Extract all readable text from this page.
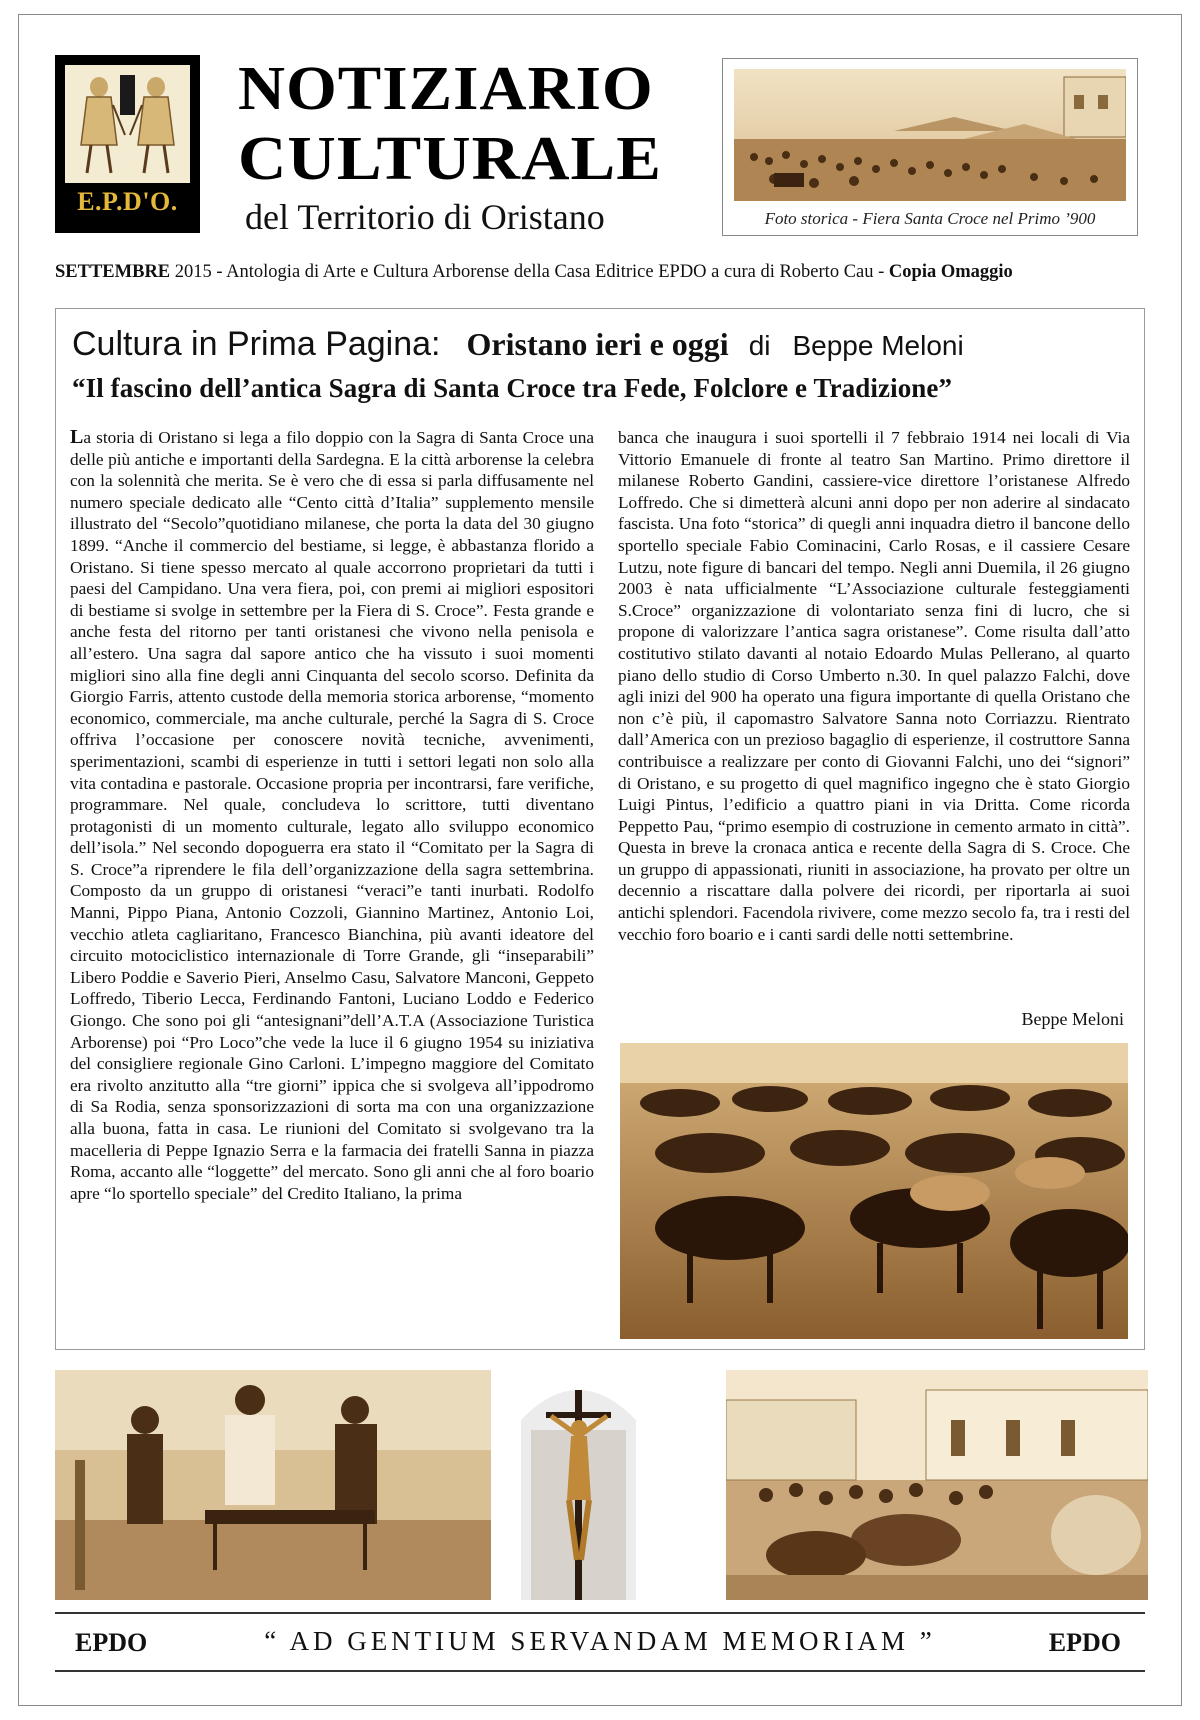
E.P.D'O.
NOTIZIARIO
CULTURALE
del Territorio di Oristano	Foto storica - Fiera Santa Croce nel Primo ’900
SETTEMBRE 2015 - Antologia di Arte e Cultura Arborense della Casa Editrice EPDO a cura di Roberto Cau - Copia Omaggio
Cultura in Prima Pagina: Oristano ieri e oggi di Beppe Meloni
“Il fascino dell’antica Sagra di Santa Croce tra Fede, Folclore e Tradizione”
La storia di Oristano si lega a filo doppio con la Sagra di Santa Croce una delle più antiche e importanti della Sardegna. E la città arborense la celebra con la solennità che merita. Se è vero che di essa si parla diffusamente nel numero speciale dedicato alle “Cento città d’Italia” supplemento mensile illustrato del “Secolo”quotidiano milanese, che porta la data del 30 giugno 1899. “Anche il commercio del bestiame, si legge, è abbastanza florido a Oristano. Si tiene spesso mercato al quale accorrono proprietari da tutti i paesi del Campidano. Una vera fiera, poi, con premi ai migliori espositori di bestiame si svolge in settembre per la Fiera di S. Croce”. Festa grande e anche festa del ritorno per tanti oristanesi che vivono nella penisola e all’estero. Una sagra dal sapore antico che ha vissuto i suoi momenti migliori sino alla fine degli anni Cinquanta del secolo scorso. Definita da Giorgio Farris, attento custode della memoria storica arborense, “momento economico, commerciale, ma anche culturale, perché la Sagra di S. Croce offriva l’occasione per conoscere novità tecniche, avvenimenti, sperimentazioni, scambi di esperienze in tutti i settori legati non solo alla vita contadina e pastorale. Occasione propria per incontrarsi, fare verifiche, programmare. Nel quale, concludeva lo scrittore, tutti diventano protagonisti di un momento culturale, legato allo sviluppo economico dell’isola.” Nel secondo dopoguerra era stato il “Comitato per la Sagra di S. Croce”a riprendere le fila dell’organizzazione della sagra settembrina. Composto da un gruppo di oristanesi “veraci”e tanti inurbati. Rodolfo Manni, Pippo Piana, Antonio Cozzoli, Giannino Martinez, Antonio Loi, vecchio atleta cagliaritano, Francesco Bianchina, più avanti ideatore del circuito motociclistico internazionale di Torre Grande, gli “inseparabili” Libero Poddie e Saverio Pieri, Anselmo Casu, Salvatore Manconi, Geppeto Loffredo, Tiberio Lecca, Ferdinando Fantoni, Luciano Loddo e Federico Giongo. Che sono poi gli “antesignani”dell’A.T.A (Associazione Turistica Arborense) poi “Pro Loco”che vede la luce il 6 giugno 1954 su iniziativa del consigliere regionale Gino Carloni. L’impegno maggiore del Comitato era rivolto anzitutto alla “tre giorni” ippica che si svolgeva all’ippodromo di Sa Rodia, senza sponsorizzazioni di sorta ma con una organizzazione alla buona, fatta in casa. Le riunioni del Comitato si svolgevano tra la macelleria di Peppe Ignazio Serra e la farmacia dei fratelli Sanna in piazza Roma, accanto alle “loggette” del mercato. Sono gli anni che al foro boario apre “lo sportello speciale” del Credito Italiano, la prima
banca che inaugura i suoi sportelli il 7 febbraio 1914 nei locali di Via Vittorio Emanuele di fronte al teatro San Martino. Primo direttore il milanese Roberto Gandini, cassiere-vice direttore l’oristanese Alfredo Loffredo. Che si dimetterà alcuni anni dopo per non aderire al sindacato fascista. Una foto “storica” di quegli anni inquadra dietro il bancone dello sportello speciale Fabio Cominacini, Carlo Rosas, e il cassiere Cesare Lutzu, note figure di bancari del tempo. Negli anni Duemila, il 26 giugno 2003 è nata ufficialmente “L’Associazione culturale festeggiamenti S.Croce” organizzazione di volontariato senza fini di lucro, che si propone di valorizzare l’antica sagra oristanese”. Come risulta dall’atto costitutivo stilato davanti al notaio Edoardo Mulas Pellerano, al quarto piano dello studio di Corso Umberto n.30. In quel palazzo Falchi, dove agli inizi del 900 ha operato una figura importante di quella Oristano che non c’è più, il capomastro Salvatore Sanna noto Corriazzu. Rientrato dall’America con un prezioso bagaglio di esperienze, il costruttore Sanna contribuisce a realizzare per conto di Giovanni Falchi, uno dei “signori” di Oristano, e su progetto di quel magnifico ingegno che è stato Giorgio Luigi Pintus, l’edificio a quattro piani in via Dritta. Come ricorda Peppetto Pau, “primo esempio di costruzione in cemento armato in città”. Questa in breve la cronaca antica e recente della Sagra di S. Croce. Che un gruppo di appassionati, riuniti in associazione, ha provato per oltre un decennio a riscattare dalla polvere dei ricordi, per riportarla ai suoi antichi splendori. Facendola rivivere, come mezzo secolo fa, tra i resti del vecchio foro boario e i canti sardi delle notti settembrine.
Beppe Meloni
EPDO	“ AD GENTIUM SERVANDAM MEMORIAM ”	EPDO
